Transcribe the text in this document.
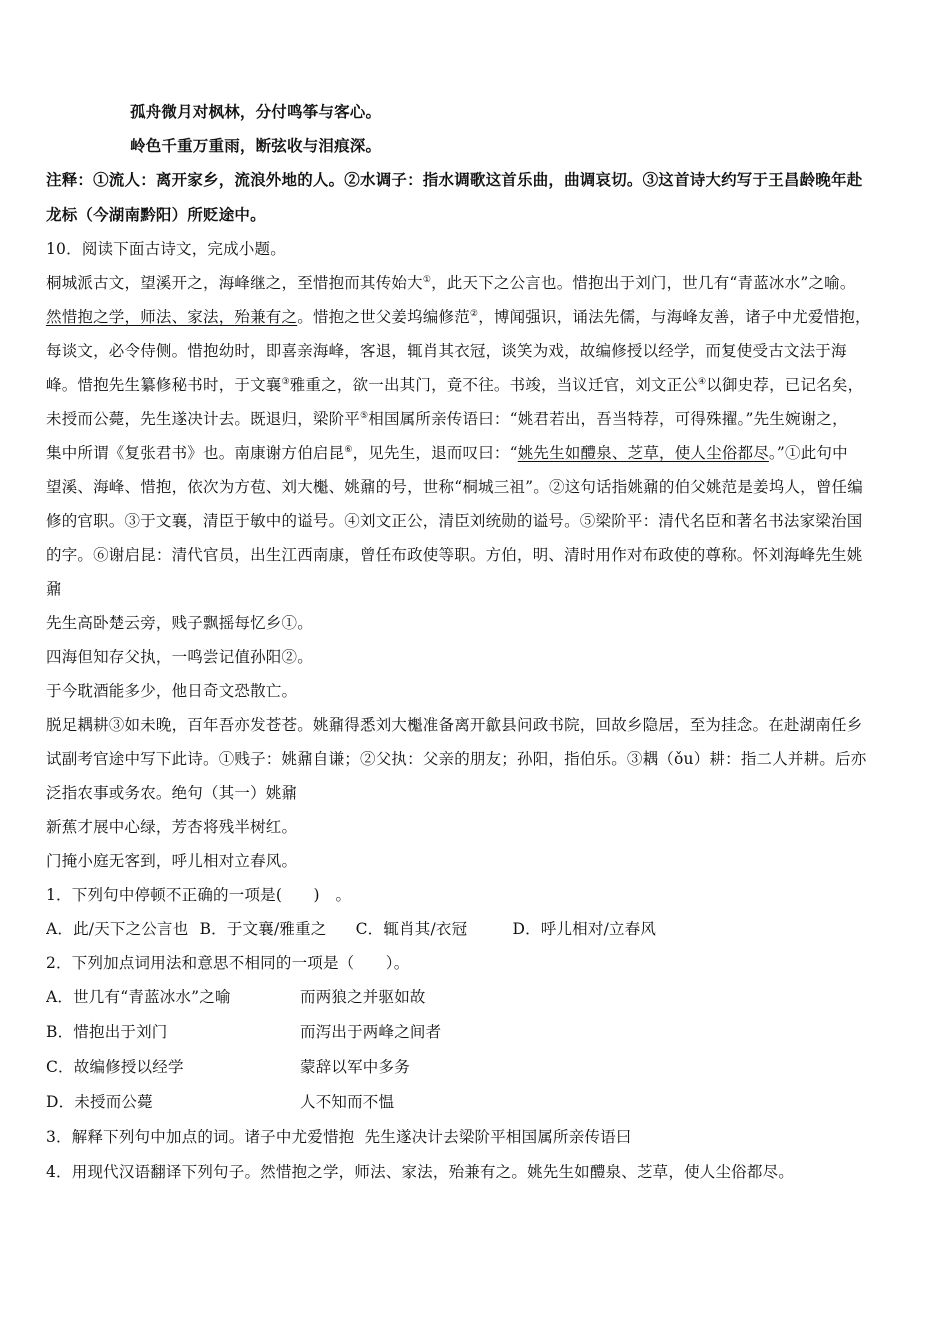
孤舟微月对枫林，分付鸣筝与客心。
岭色千重万重雨，断弦收与泪痕深。
注释：①流人：离开家乡，流浪外地的人。②水调子：指水调歌这首乐曲，曲调哀切。③这首诗大约写于王昌龄晚年赴
龙标（今湖南黔阳）所贬途中。
10．阅读下面古诗文，完成小题。
桐城派古文，望溪开之，海峰继之，至惜抱而其传始大①，此天下之公言也。惜抱出于刘门，世几有“青蓝冰水”之喻。
然惜抱之学，师法、家法，殆兼有之。惜抱之世父姜坞编修范②，博闻强识，诵法先儒，与海峰友善，诸子中尤爱惜抱，
每谈文，必令侍侧。惜抱幼时，即喜亲海峰，客退，辄肖其衣冠，谈笑为戏，故编修授以经学，而复使受古文法于海
峰。惜抱先生纂修秘书时，于文襄③雅重之，欲一出其门，竟不往。书竣，当议迁官，刘文正公④以御史荐，已记名矣，
未授而公薨，先生遂决计去。既退归，梁阶平⑤相国属所亲传语曰：“姚君若出，吾当特荐，可得殊擢。”先生婉谢之，
集中所谓《复张君书》也。南康谢方伯启昆⑥，见先生，退而叹曰：“姚先生如醴泉、芝草，使人尘俗都尽。”①此句中
望溪、海峰、惜抱，依次为方苞、刘大櫆、姚鼐的号，世称“桐城三祖”。②这句话指姚鼐的伯父姚范是姜坞人，曾任编
修的官职。③于文襄，清臣于敏中的谥号。④刘文正公，清臣刘统勋的谥号。⑤梁阶平：清代名臣和著名书法家梁治国
的字。⑥谢启昆：清代官员，出生江西南康，曾任布政使等职。方伯，明、清时用作对布政使的尊称。怀刘海峰先生姚
鼐
先生高卧楚云旁，贱子飘摇每忆乡①。
四海但知存父执，一鸣尝记值孙阳②。
于今耽酒能多少，他日奇文恐散亡。
脱足耦耕③如未晚，百年吾亦发苍苍。姚鼐得悉刘大櫆准备离开歙县问政书院，回故乡隐居，至为挂念。在赴湖南任乡
试副考官途中写下此诗。①贱子：姚鼐自谦；②父执：父亲的朋友；孙阳，指伯乐。③耦（ǒu）耕：指二人并耕。后亦
泛指农事或务农。绝句（其一）姚鼐
新蕉才展中心绿，芳杏将残半树红。
门掩小庭无客到，呼儿相对立春风。
1．下列句中停顿不正确的一项是(　　)　。
A．此/天下之公言也 B．于文襄/雅重之 C．辄肖其/衣冠	D．呼儿相对/立春风
2．下列加点词用法和意思不相同的一项是（　　）。
A．世几有“青蓝冰水”之喻	而两狼之并驱如故
B．惜抱出于刘门	而泻出于两峰之间者
C．故编修授以经学	蒙辞以军中多务
D．未授而公薨	人不知而不愠
3．解释下列句中加点的词。诸子中尤爱惜抱  先生遂决计去梁阶平相国属所亲传语曰
4．用现代汉语翻译下列句子。然惜抱之学，师法、家法，殆兼有之。姚先生如醴泉、芝草，使人尘俗都尽。
